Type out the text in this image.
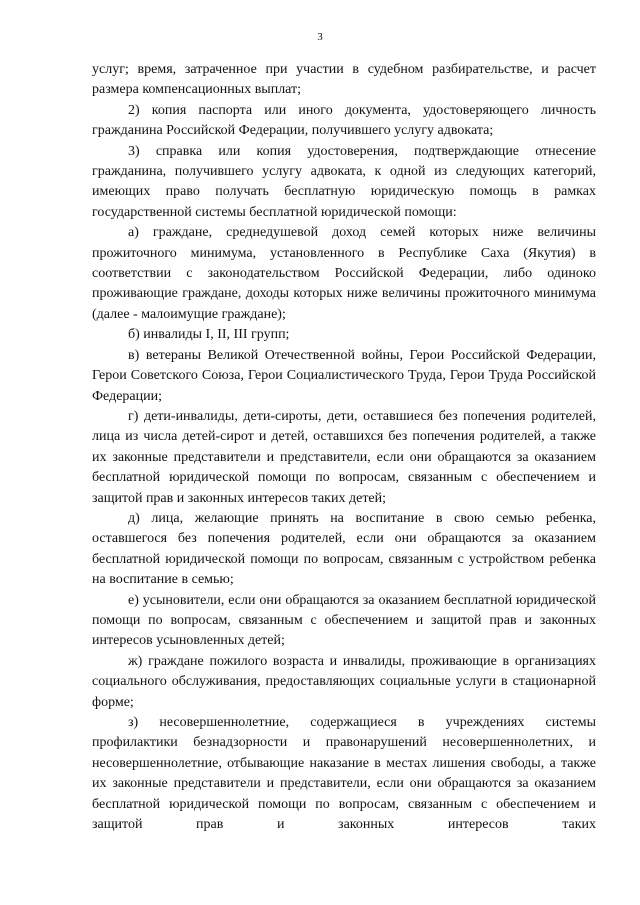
3

услуг; время, затраченное при участии в судебном разбирательстве, и расчет размера компенсационных выплат;

2) копия паспорта или иного документа, удостоверяющего личность гражданина Российской Федерации, получившего услугу адвоката;

3) справка или копия удостоверения, подтверждающие отнесение гражданина, получившего услугу адвоката, к одной из следующих категорий, имеющих право получать бесплатную юридическую помощь в рамках государственной системы бесплатной юридической помощи:

а) граждане, среднедушевой доход семей которых ниже величины прожиточного минимума, установленного в Республике Саха (Якутия) в соответствии с законодательством Российской Федерации, либо одиноко проживающие граждане, доходы которых ниже величины прожиточного минимума (далее - малоимущие граждане);

б) инвалиды I, II, III групп;

в) ветераны Великой Отечественной войны, Герои Российской Федерации, Герои Советского Союза, Герои Социалистического Труда, Герои Труда Российской Федерации;

г) дети-инвалиды, дети-сироты, дети, оставшиеся без попечения родителей, лица из числа детей-сирот и детей, оставшихся без попечения родителей, а также их законные представители и представители, если они обращаются за оказанием бесплатной юридической помощи по вопросам, связанным с обеспечением и защитой прав и законных интересов таких детей;

д) лица, желающие принять на воспитание в свою семью ребенка, оставшегося без попечения родителей, если они обращаются за оказанием бесплатной юридической помощи по вопросам, связанным с устройством ребенка на воспитание в семью;

е) усыновители, если они обращаются за оказанием бесплатной юридической помощи по вопросам, связанным с обеспечением и защитой прав и законных интересов усыновленных детей;

ж) граждане пожилого возраста и инвалиды, проживающие в организациях социального обслуживания, предоставляющих социальные услуги в стационарной форме;

з) несовершеннолетние, содержащиеся в учреждениях системы профилактики безнадзорности и правонарушений несовершеннолетних, и несовершеннолетние, отбывающие наказание в местах лишения свободы, а также их законные представители и представители, если они обращаются за оказанием бесплатной юридической помощи по вопросам, связанным с обеспечением и защитой прав и законных интересов таких
